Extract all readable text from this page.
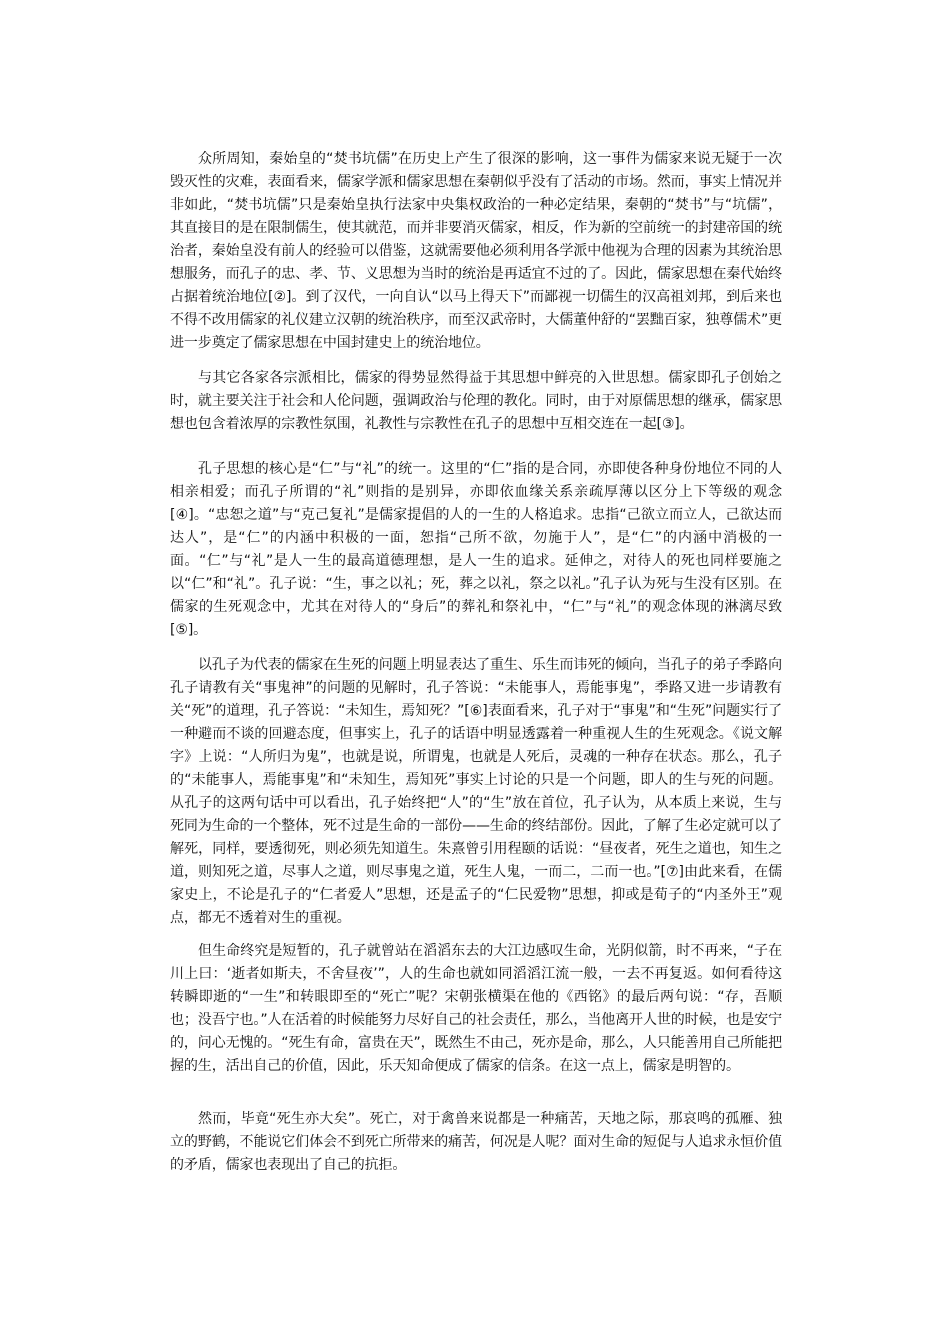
众所周知，秦始皇的“焚书坑儒”在历史上产生了很深的影响，这一事件为儒家来说无疑于一次毁灭性的灾难，表面看来，儒家学派和儒家思想在秦朝似乎没有了活动的市场。然而，事实上情况并非如此，“焚书坑儒”只是秦始皇执行法家中央集权政治的一种必定结果，秦朝的“焚书”与“坑儒”，其直接目的是在限制儒生，使其就范，而并非要消灭儒家，相反，作为新的空前统一的封建帝国的统治者，秦始皇没有前人的经验可以借鉴，这就需要他必须利用各学派中他视为合理的因素为其统治思想服务，而孔子的忠、孝、节、义思想为当时的统治是再适宜不过的了。因此，儒家思想在秦代始终占据着统治地位[②]。到了汉代，一向自认“以马上得天下”而鄙视一切儒生的汉高祖刘邦，到后来也不得不改用儒家的礼仪建立汉朝的统治秩序，而至汉武帝时，大儒董仲舒的“罢黜百家，独尊儒术”更进一步奠定了儒家思想在中国封建史上的统治地位。

与其它各家各宗派相比，儒家的得势显然得益于其思想中鲜亮的入世思想。儒家即孔子创始之时，就主要关注于社会和人伦问题，强调政治与伦理的教化。同时，由于对原儒思想的继承，儒家思想也包含着浓厚的宗教性氛围，礼教性与宗教性在孔子的思想中互相交连在一起[③]。

孔子思想的核心是“仁”与“礼”的统一。这里的“仁”指的是合同，亦即使各种身份地位不同的人相亲相爱；而孔子所谓的“礼”则指的是别异，亦即依血缘关系亲疏厚薄以区分上下等级的观念[④]。“忠恕之道”与“克己复礼”是儒家提倡的人的一生的人格追求。忠指“己欲立而立人，己欲达而达人”，是“仁”的内涵中积极的一面，恕指“己所不欲，勿施于人”，是“仁”的内涵中消极的一面。“仁”与“礼”是人一生的最高道德理想，是人一生的追求。延伸之，对待人的死也同样要施之以“仁”和“礼”。孔子说：“生，事之以礼；死，葬之以礼，祭之以礼。”孔子认为死与生没有区别。在儒家的生死观念中，尤其在对待人的“身后”的葬礼和祭礼中，“仁”与“礼”的观念体现的淋漓尽致[⑤]。

以孔子为代表的儒家在生死的问题上明显表达了重生、乐生而讳死的倾向，当孔子的弟子季路向孔子请教有关“事鬼神”的问题的见解时，孔子答说：“未能事人，焉能事鬼”，季路又进一步请教有关“死”的道理，孔子答说：“未知生，焉知死？”[⑥]表面看来，孔子对于“事鬼”和“生死”问题实行了一种避而不谈的回避态度，但事实上，孔子的话语中明显透露着一种重视人生的生死观念。《说文解字》上说：“人所归为鬼”，也就是说，所谓鬼，也就是人死后，灵魂的一种存在状态。那么，孔子的“未能事人，焉能事鬼”和“未知生，焉知死”事实上讨论的只是一个问题，即人的生与死的问题。从孔子的这两句话中可以看出，孔子始终把“人”的“生”放在首位，孔子认为，从本质上来说，生与死同为生命的一个整体，死不过是生命的一部份——生命的终结部份。因此，了解了生必定就可以了解死，同样，要透彻死，则必须先知道生。朱熹曾引用程颐的话说：“昼夜者，死生之道也，知生之道，则知死之道，尽事人之道，则尽事鬼之道，死生人鬼，一而二，二而一也。”[⑦]由此来看，在儒家史上，不论是孔子的“仁者爱人”思想，还是孟子的“仁民爱物”思想，抑或是荀子的“内圣外王”观点，都无不透着对生的重视。

但生命终究是短暂的，孔子就曾站在滔滔东去的大江边感叹生命，光阴似箭，时不再来，“子在川上曰：‘逝者如斯夫，不舍昼夜’”，人的生命也就如同滔滔江流一般，一去不再复返。如何看待这转瞬即逝的“一生”和转眼即至的“死亡”呢？宋朝张横渠在他的《西铭》的最后两句说：“存，吾顺也；没吾宁也。”人在活着的时候能努力尽好自己的社会责任，那么，当他离开人世的时候，也是安宁的，问心无愧的。“死生有命，富贵在天”，既然生不由己，死亦是命，那么，人只能善用自己所能把握的生，活出自己的价值，因此，乐天知命便成了儒家的信条。在这一点上，儒家是明智的。

然而，毕竟“死生亦大矣”。死亡，对于禽兽来说都是一种痛苦，天地之际，那哀鸣的孤雁、独立的野鹤，不能说它们体会不到死亡所带来的痛苦，何况是人呢？面对生命的短促与人追求永恒价值的矛盾，儒家也表现出了自己的抗拒。
